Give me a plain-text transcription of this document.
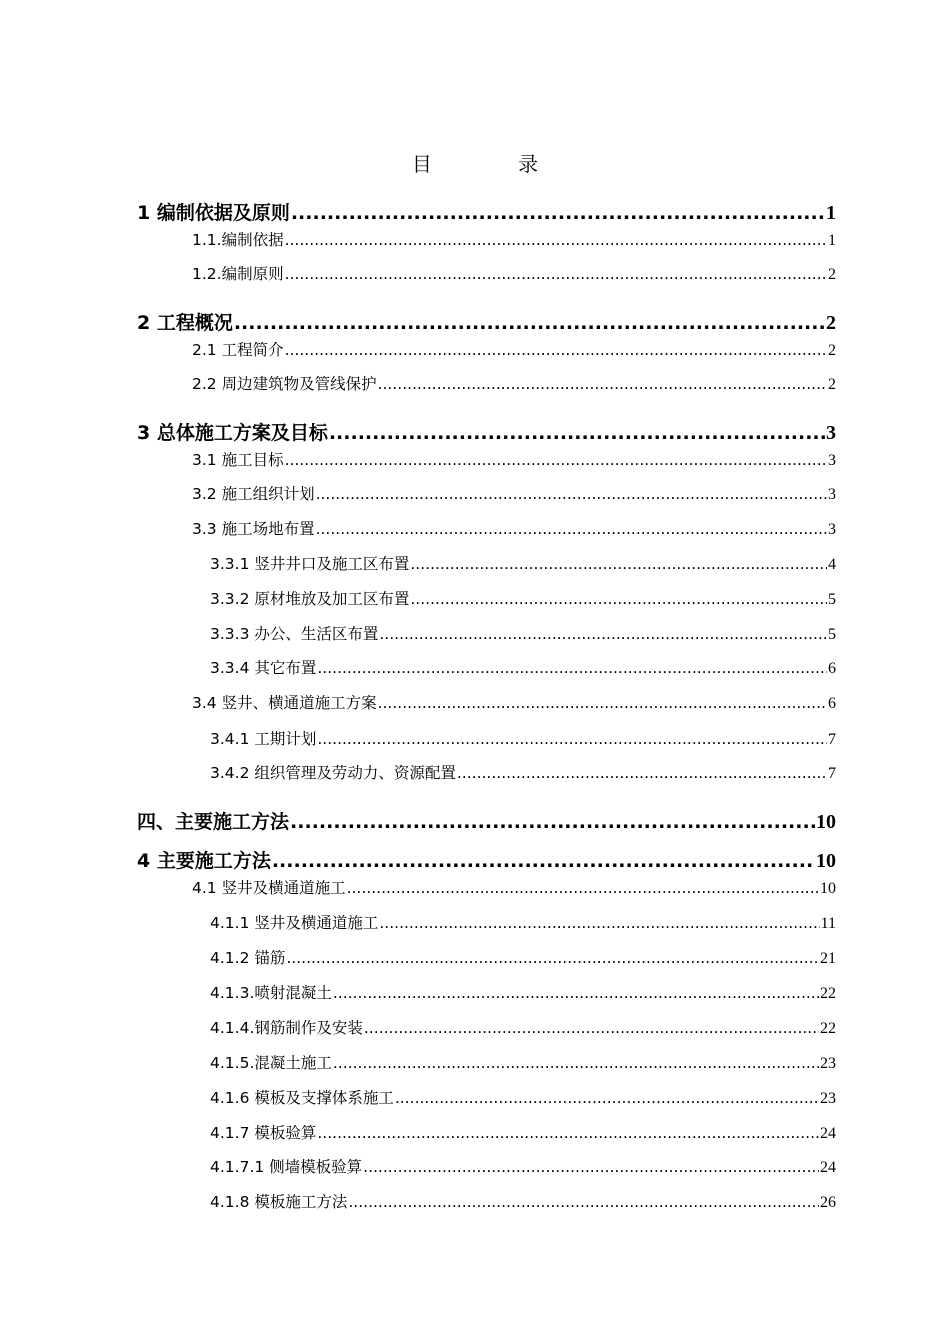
目 录
1 编制依据及原则 .....	1
1.1.编制依据 .....	1
1.2.编制原则 .....	2
2 工程概况 .....	2
2.1 工程简介 .....	2
2.2 周边建筑物及管线保护 .....	2
3 总体施工方案及目标 .....	3
3.1 施工目标 .....	3
3.2 施工组织计划 .....	3
3.3 施工场地布置 .....	3
3.3.1 竖井井口及施工区布置 .....	4
3.3.2 原材堆放及加工区布置 .....	5
3.3.3 办公、生活区布置 .....	5
3.3.4 其它布置 .....	6
3.4 竖井、横通道施工方案 .....	6
3.4.1 工期计划 .....	7
3.4.2 组织管理及劳动力、资源配置 .....	7
四、主要施工方法 .....	10
4 主要施工方法 .....	10
4.1 竖井及横通道施工 .....	10
4.1.1 竖井及横通道施工 .....	11
4.1.2 锚筋 .....	21
4.1.3.喷射混凝土 .....	22
4.1.4.钢筋制作及安装 .....	22
4.1.5.混凝土施工 .....	23
4.1.6 模板及支撑体系施工 .....	23
4.1.7 模板验算 .....	24
4.1.7.1 侧墙模板验算 .....	24
4.1.8 模板施工方法 .....	26
